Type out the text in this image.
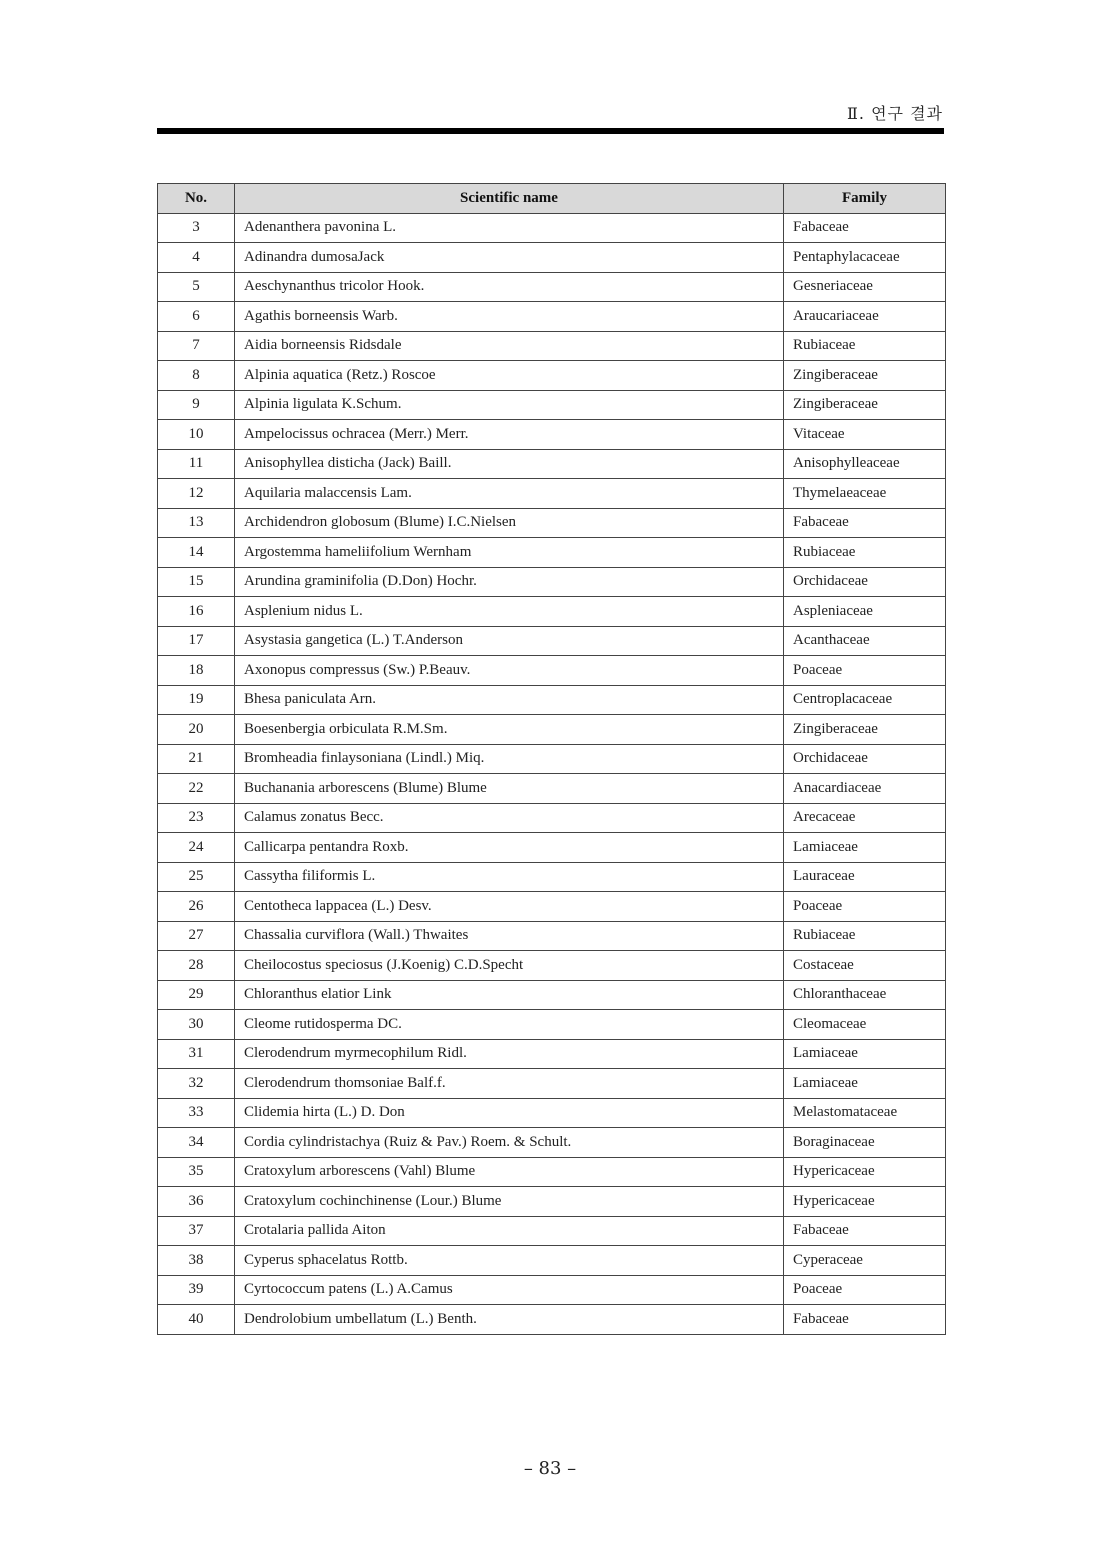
Ⅱ. 연구 결과
No.	Scientific name	Family
3	Adenanthera pavonina L.	Fabaceae
4	Adinandra dumosaJack	Pentaphylacaceae
5	Aeschynanthus tricolor Hook.	Gesneriaceae
6	Agathis borneensis Warb.	Araucariaceae
7	Aidia borneensis Ridsdale	Rubiaceae
8	Alpinia aquatica (Retz.) Roscoe	Zingiberaceae
9	Alpinia ligulata K.Schum.	Zingiberaceae
10	Ampelocissus ochracea (Merr.) Merr.	Vitaceae
11	Anisophyllea disticha (Jack) Baill.	Anisophylleaceae
12	Aquilaria malaccensis Lam.	Thymelaeaceae
13	Archidendron globosum (Blume) I.C.Nielsen	Fabaceae
14	Argostemma hameliifolium Wernham	Rubiaceae
15	Arundina graminifolia (D.Don) Hochr.	Orchidaceae
16	Asplenium nidus L.	Aspleniaceae
17	Asystasia gangetica (L.) T.Anderson	Acanthaceae
18	Axonopus compressus (Sw.) P.Beauv.	Poaceae
19	Bhesa paniculata Arn.	Centroplacaceae
20	Boesenbergia orbiculata R.M.Sm.	Zingiberaceae
21	Bromheadia finlaysoniana (Lindl.) Miq.	Orchidaceae
22	Buchanania arborescens (Blume) Blume	Anacardiaceae
23	Calamus zonatus Becc.	Arecaceae
24	Callicarpa pentandra Roxb.	Lamiaceae
25	Cassytha filiformis L.	Lauraceae
26	Centotheca lappacea (L.) Desv.	Poaceae
27	Chassalia curviflora (Wall.) Thwaites	Rubiaceae
28	Cheilocostus speciosus (J.Koenig) C.D.Specht	Costaceae
29	Chloranthus elatior Link	Chloranthaceae
30	Cleome rutidosperma DC.	Cleomaceae
31	Clerodendrum myrmecophilum Ridl.	Lamiaceae
32	Clerodendrum thomsoniae Balf.f.	Lamiaceae
33	Clidemia hirta (L.) D. Don	Melastomataceae
34	Cordia cylindristachya (Ruiz & Pav.) Roem. & Schult.	Boraginaceae
35	Cratoxylum arborescens (Vahl) Blume	Hypericaceae
36	Cratoxylum cochinchinense (Lour.) Blume	Hypericaceae
37	Crotalaria pallida Aiton	Fabaceae
38	Cyperus sphacelatus Rottb.	Cyperaceae
39	Cyrtococcum patens (L.) A.Camus	Poaceae
40	Dendrolobium umbellatum (L.) Benth.	Fabaceae
– 83 –
